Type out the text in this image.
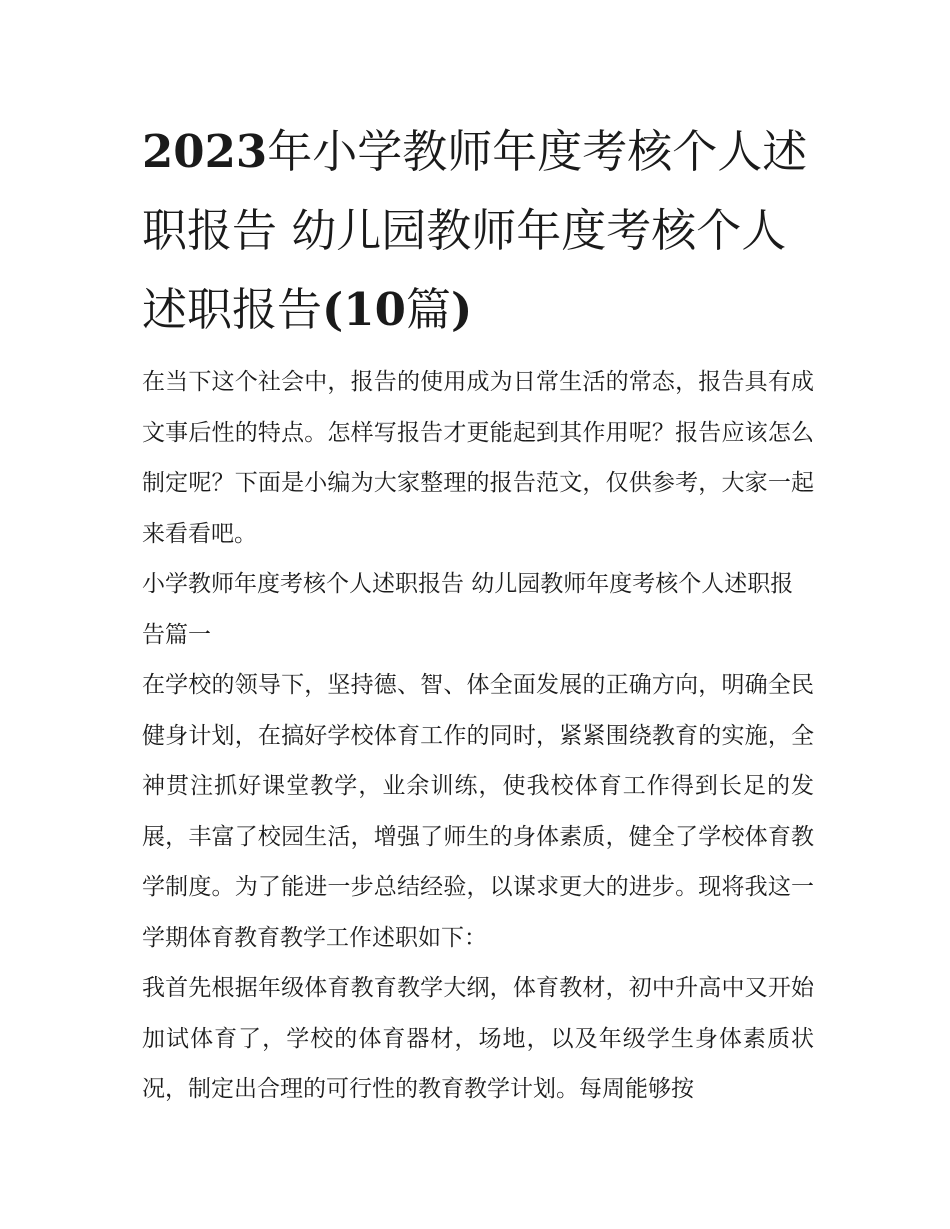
2023年小学教师年度考核个人述职报告 幼儿园教师年度考核个人述职报告(10篇)

在当下这个社会中，报告的使用成为日常生活的常态，报告具有成文事后性的特点。怎样写报告才更能起到其作用呢？报告应该怎么制定呢？下面是小编为大家整理的报告范文，仅供参考，大家一起来看看吧。

小学教师年度考核个人述职报告 幼儿园教师年度考核个人述职报告篇一

在学校的领导下，坚持德、智、体全面发展的正确方向，明确全民健身计划，在搞好学校体育工作的同时，紧紧围绕教育的实施，全神贯注抓好课堂教学，业余训练，使我校体育工作得到长足的发展，丰富了校园生活，增强了师生的身体素质，健全了学校体育教学制度。为了能进一步总结经验，以谋求更大的进步。现将我这一学期体育教育教学工作述职如下：

我首先根据年级体育教育教学大纲，体育教材，初中升高中又开始加试体育了，学校的体育器材，场地，以及年级学生身体素质状况，制定出合理的可行性的教育教学计划。每周能够按
